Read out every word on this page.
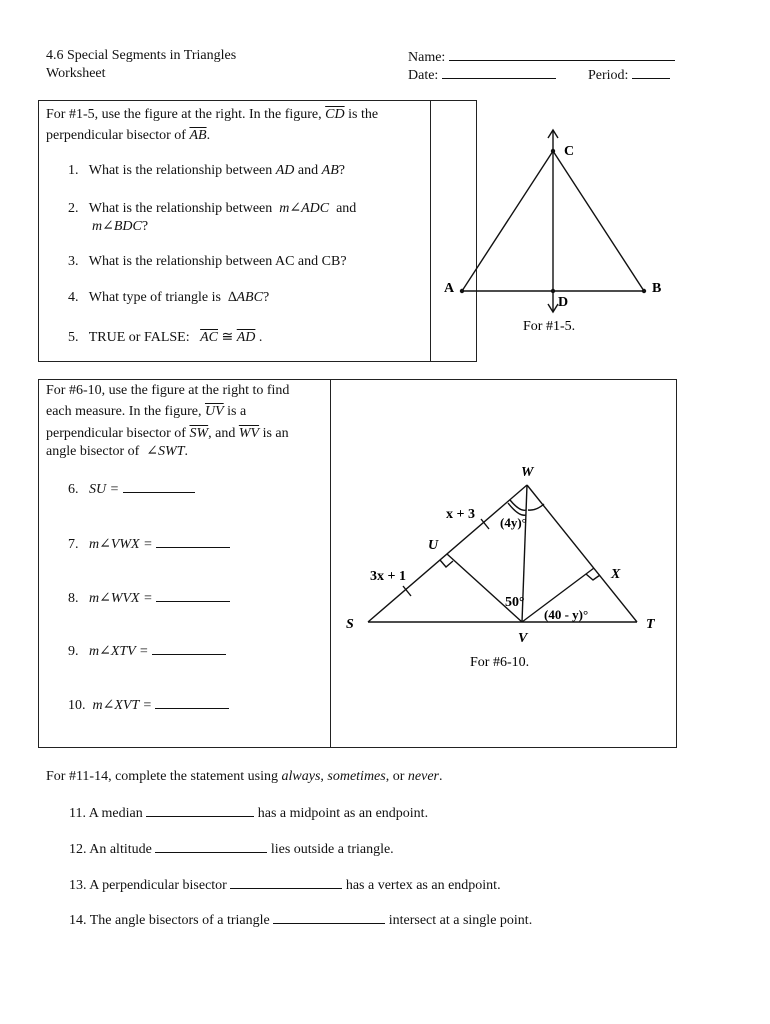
4.6 Special Segments in Triangles
Worksheet
Name:
Date:	Period:
For #1-5, use the figure at the right. In the figure, $\overline{CD}$ is the
perpendicular bisector of $\overline{AB}$.
1. What is the relationship between AD and AB?
2. What is the relationship between m∠ADC and
m∠BDC?
3. What is the relationship between AC and CB?
4. What type of triangle is ∆ABC?
5. TRUE or FALSE: $\overline{AC}$ ≅ $\overline{AD}$ .
A	B
C
D
For #1-5.
For #6-10, use the figure at the right to find
each measure. In the figure, $\overline{UV}$ is a
perpendicular bisector of $\overline{SW}$, and $\overline{WV}$ is an
angle bisector of ∠SWT.
6. SU =
7. m∠VWX =
8. m∠WVX =
9. m∠XTV =
10. m∠XVT =
W
U
X
S	T
V
x + 3
(4y)°
3x + 1
50°
(40 - y)°
For #6-10.
For #11-14, complete the statement using always, sometimes, or never.
11. A median	has a midpoint as an endpoint.
12. An altitude	lies outside a triangle.
13. A perpendicular bisector	has a vertex as an endpoint.
14. The angle bisectors of a triangle	intersect at a single point.
